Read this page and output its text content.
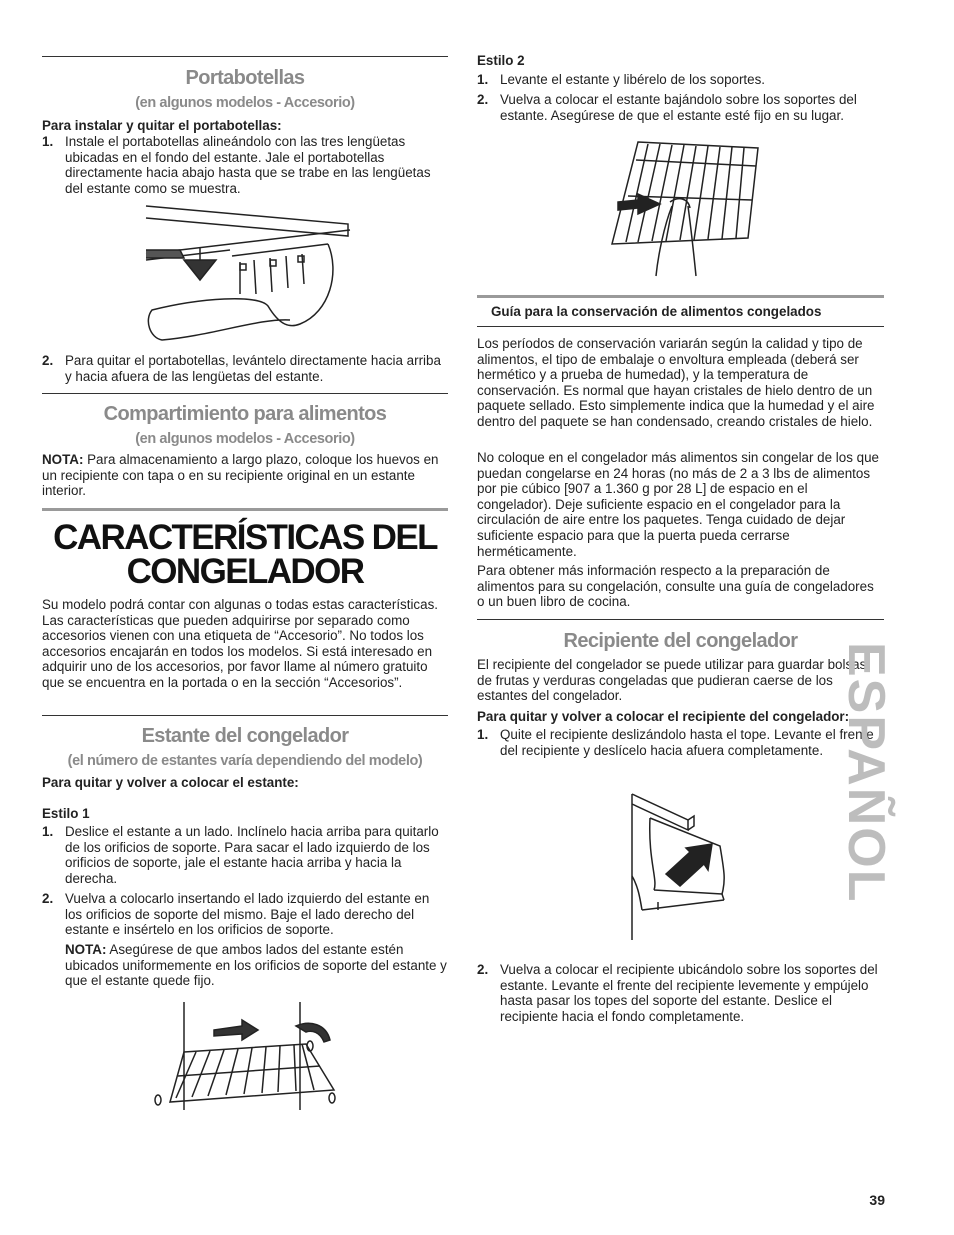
Portabotellas
(en algunos modelos - Accesorio)
Para instalar y quitar el portabotellas:
1. Instale el portabotellas alineándolo con las tres lengüetas ubicadas en el fondo del estante. Jale el portabotellas directamente hacia abajo hasta que se trabe en las lengüetas del estante como se muestra.
2. Para quitar el portabotellas, levántelo directamente hacia arriba y hacia afuera de las lengüetas del estante.
Compartimiento para alimentos
(en algunos modelos - Accesorio)
NOTA: Para almacenamiento a largo plazo, coloque los huevos en un recipiente con tapa o en su recipiente original en un estante interior.
CARACTERÍSTICAS DEL
CONGELADOR
Su modelo podrá contar con algunas o todas estas características. Las características que pueden adquirirse por separado como accesorios vienen con una etiqueta de “Accesorio”. No todos los accesorios encajarán en todos los modelos. Si está interesado en adquirir uno de los accesorios, por favor llame al número gratuito que se encuentra en la portada o en la sección “Accesorios”.
Estante del congelador
(el número de estantes varía dependiendo del modelo)
Para quitar y volver a colocar el estante:
Estilo 1
1. Deslice el estante a un lado. Inclínelo hacia arriba para quitarlo de los orificios de soporte. Para sacar el lado izquierdo de los orificios de soporte, jale el estante hacia arriba y hacia la derecha.
2. Vuelva a colocarlo insertando el lado izquierdo del estante en los orificios de soporte del mismo. Baje el lado derecho del estante e insértelo en los orificios de soporte.
NOTA: Asegúrese de que ambos lados del estante estén ubicados uniformemente en los orificios de soporte del estante y que el estante quede fijo.
Estilo 2
1. Levante el estante y libérelo de los soportes.
2. Vuelva a colocar el estante bajándolo sobre los soportes del estante. Asegúrese de que el estante esté fijo en su lugar.
Guía para la conservación de alimentos congelados
Los períodos de conservación variarán según la calidad y tipo de alimentos, el tipo de embalaje o envoltura empleada (deberá ser hermético y a prueba de humedad), y la temperatura de conservación. Es normal que hayan cristales de hielo dentro de un paquete sellado. Esto simplemente indica que la humedad y el aire dentro del paquete se han condensado, creando cristales de hielo.
No coloque en el congelador más alimentos sin congelar de los que puedan congelarse en 24 horas (no más de 2 a 3 lbs de alimentos por pie cúbico [907 a 1.360 g por 28 L] de espacio en el congelador). Deje suficiente espacio en el congelador para la circulación de aire entre los paquetes. Tenga cuidado de dejar suficiente espacio para que la puerta pueda cerrarse herméticamente.
Para obtener más información respecto a la preparación de alimentos para su congelación, consulte una guía de congeladores o un buen libro de cocina.
Recipiente del congelador
El recipiente del congelador se puede utilizar para guardar bolsas de frutas y verduras congeladas que pudieran caerse de los estantes del congelador.
Para quitar y volver a colocar el recipiente del congelador:
1. Quite el recipiente deslizándolo hasta el tope. Levante el frente del recipiente y deslícelo hacia afuera completamente.
2. Vuelva a colocar el recipiente ubicándolo sobre los soportes del estante. Levante el frente del recipiente levemente y empújelo hasta pasar los topes del soporte del estante. Deslice el recipiente hacia el fondo completamente.
ESPAÑOL
39
